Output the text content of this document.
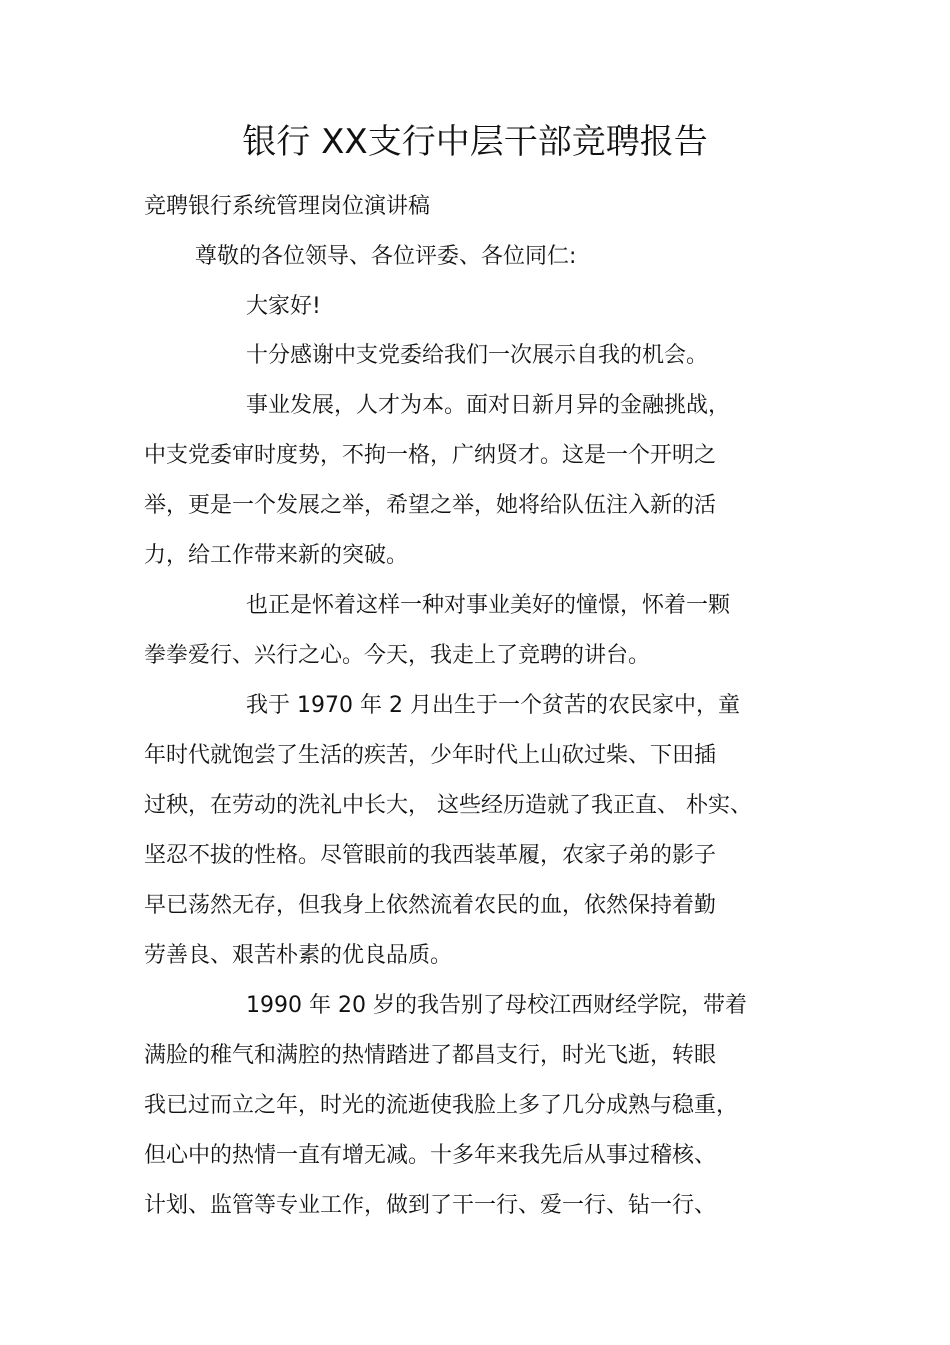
银行 XX支行中层干部竞聘报告
竞聘银行系统管理岗位演讲稿
尊敬的各位领导、各位评委、各位同仁:
大家好!
十分感谢中支党委给我们一次展示自我的机会。
事业发展，人才为本。面对日新月异的金融挑战，
中支党委审时度势，不拘一格，广纳贤才。这是一个开明之
举，更是一个发展之举，希望之举，她将给队伍注入新的活
力，给工作带来新的突破。
也正是怀着这样一种对事业美好的憧憬，怀着一颗
拳拳爱行、兴行之心。今天，我走上了竞聘的讲台。
我于 1970 年 2 月出生于一个贫苦的农民家中，童
年时代就饱尝了生活的疾苦，少年时代上山砍过柴、下田插
过秧，在劳动的洗礼中长大， 这些经历造就了我正直、 朴实、
坚忍不拔的性格。尽管眼前的我西装革履，农家子弟的影子
早已荡然无存，但我身上依然流着农民的血，依然保持着勤
劳善良、艰苦朴素的优良品质。
1990 年 20 岁的我告别了母校江西财经学院，带着
满脸的稚气和满腔的热情踏进了都昌支行，时光飞逝，转眼
我已过而立之年，时光的流逝使我脸上多了几分成熟与稳重，
但心中的热情一直有增无减。十多年来我先后从事过稽核、
计划、监管等专业工作，做到了干一行、爱一行、钻一行、
